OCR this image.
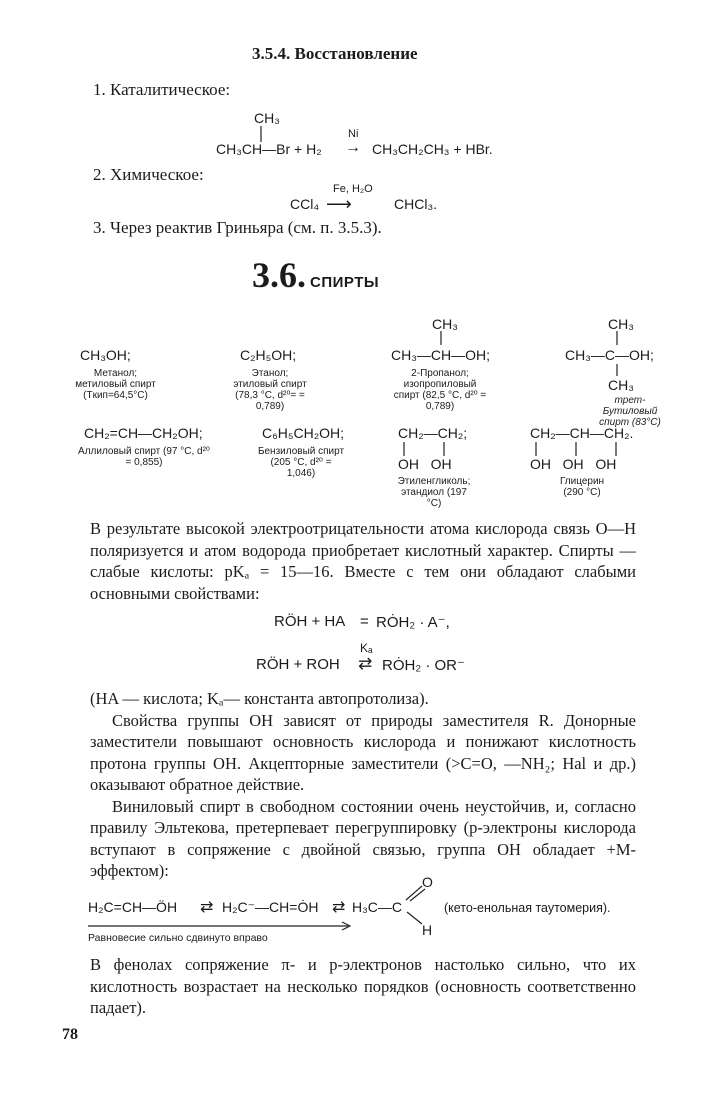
3.5.4. Восстановление
1. Каталитическое:
CH₃
CH₃CH—Br + H₂
Ni
→ CH₃CH₂CH₃ + HBr.
2. Химическое:
CCl₄
Fe, H₂O
⟶	CHCl₃.
3. Через реактив Гриньяра (см. п. 3.5.3).
3.6. СПИРТЫ
CH₃OH;
Метанол; метиловый спирт (Tкип=64,5°C)
C₂H₅OH;
Этанол; этиловый спирт (78,3 °C, d²⁰= = 0,789)
CH₃
CH₃—CH—OH;
2-Пропанол; изопропиловый спирт (82,5 °C, d²⁰ = 0,789)
CH₃
CH₃—C—OH;
CH₃
трет-Бутиловый спирт (83°C)
CH₂=CH—CH₂OH;
Аллиловый спирт (97 °C, d²⁰ = 0,855)
C₆H₅CH₂OH;
Бензиловый спирт (205 °C, d²⁰ = 1,046)
CH₂—CH₂;
OH   OH
Этиленгликоль; этандиол (197 °C)
CH₂—CH—CH₂.
OH   OH   OH
Глицерин (290 °C)

В результате высокой электроотрицательности атома кислорода связь O—H поляризуется и атом водорода приобретает кислотный характер. Спирты — слабые кислоты: pKₐ = 15—16. Вместе с тем они обладают слабыми основными свойствами:

RÖH + HA = RȮH₂ · A⁻,
Kₐ
RÖH + ROH ⇄ RȮH₂ · OR⁻

(HA — кислота; Kₐ— константа автопротолиза).

Свойства группы OH зависят от природы заместителя R. Донорные заместители повышают основность кислорода и понижают кислотность протона группы OH. Акцепторные заместители (>C=O, —NH₂; Hal и др.) оказывают обратное действие.

Виниловый спирт в свободном состоянии очень неустойчив, и, согласно правилу Эльтекова, претерпевает перегруппировку (p-электроны кислорода вступают в сопряжение с двойной связью, группа OH обладает +M-эффектом):

H₂C=CH—ÖH ⇄ H₂C⁻—CH=ȮH ⇄ H₃C—C
O
H
(кето-енольная таутомерия).
Равновесие сильно сдвинуто вправо

В фенолах сопряжение π- и p-электронов настолько сильно, что их кислотность возрастает на несколько порядков (основность соответственно падает).

78
